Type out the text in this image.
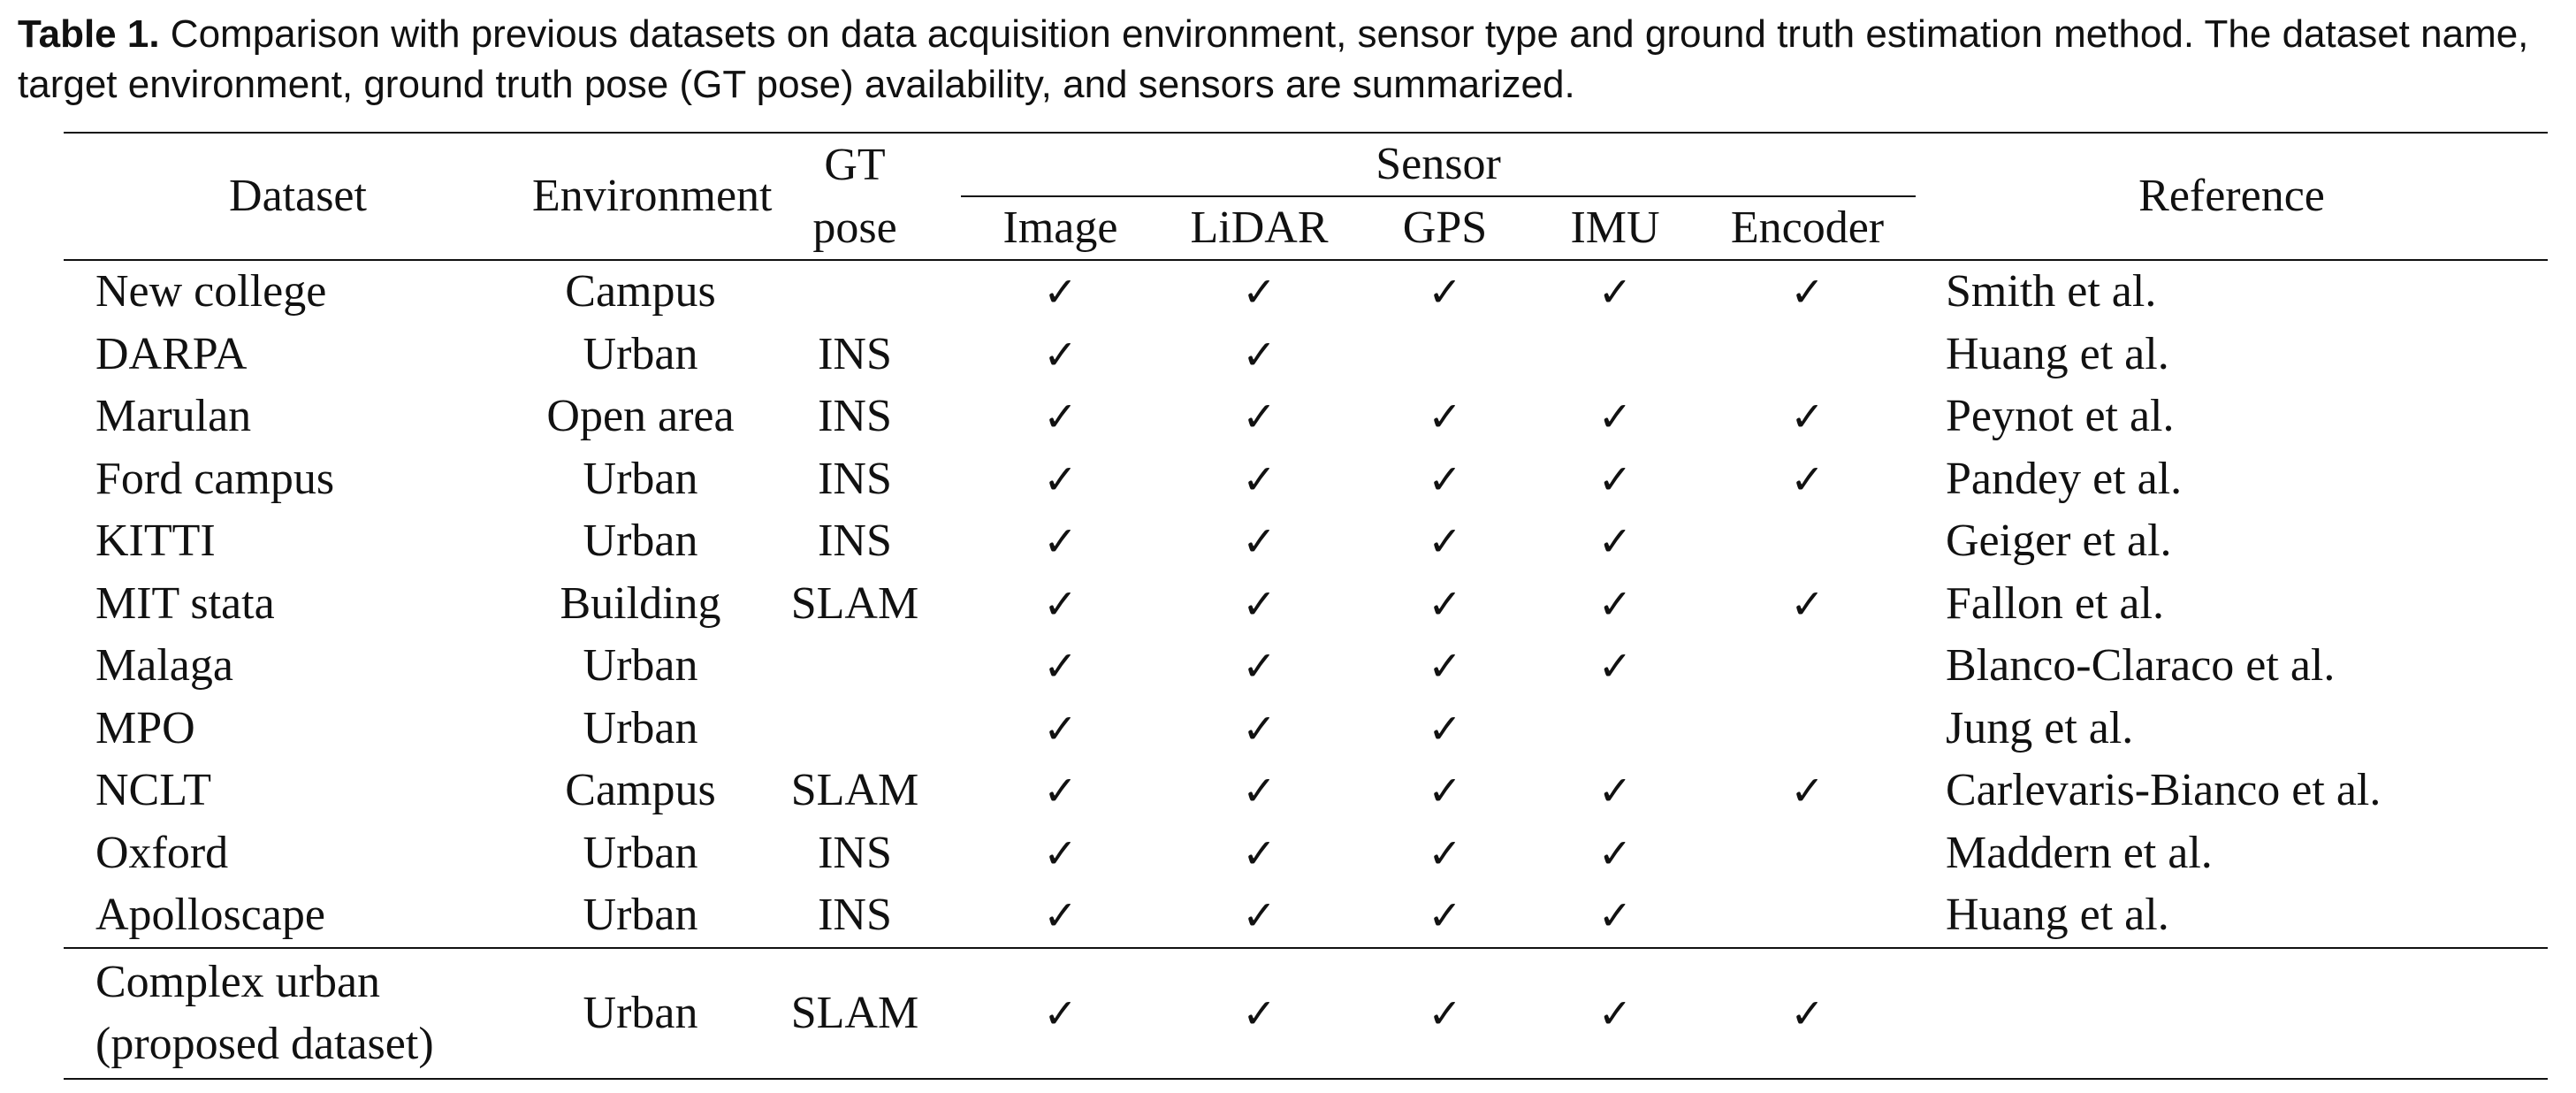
Table 1. Comparison with previous datasets on data acquisition environment, sensor type and ground truth estimation method. The dataset name, target environment, ground truth pose (GT pose) availability, and sensors are summarized.
Dataset	Environment	GT	Sensor					Reference
		pose	Image	LiDAR	GPS	IMU	Encoder	
New college	Campus		✓	✓	✓	✓	✓	Smith et al.
DARPA	Urban	INS	✓	✓				Huang et al.
Marulan	Open area	INS	✓	✓	✓	✓	✓	Peynot et al.
Ford campus	Urban	INS	✓	✓	✓	✓	✓	Pandey et al.
KITTI	Urban	INS	✓	✓	✓	✓		Geiger et al.
MIT stata	Building	SLAM	✓	✓	✓	✓	✓	Fallon et al.
Malaga	Urban		✓	✓	✓	✓		Blanco-Claraco et al.
MPO	Urban		✓	✓	✓			Jung et al.
NCLT	Campus	SLAM	✓	✓	✓	✓	✓	Carlevaris-Bianco et al.
Oxford	Urban	INS	✓	✓	✓	✓		Maddern et al.
Apolloscape	Urban	INS	✓	✓	✓	✓		Huang et al.
Complex urban
(proposed dataset)	Urban	SLAM	✓	✓	✓	✓	✓	
